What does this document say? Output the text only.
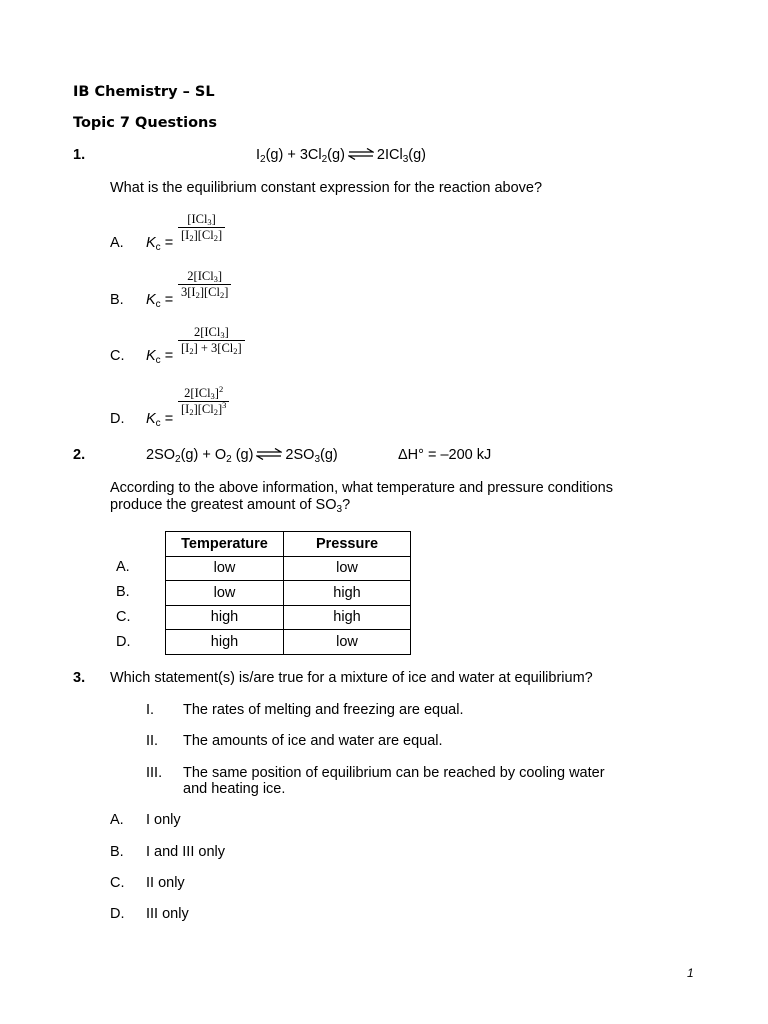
IB Chemistry – SL
Topic 7 Questions
1.	$I_2(g) + 3Cl_2(g)$ ⇌ 2ICl$_3$(g)
What is the equilibrium constant expression for the reaction above?
A. $K_c$ =
[ICl$_3$]
$[I_2][Cl_2]$
B. $K_c$ =
2[ICl$_3$]
$3[I_2][Cl_2]$
C. $K_c$ =
2[ICl$_3$]
$[I_2] + 3[Cl_2]$
D. $K_c$ =
$2[ICl_3]^2$
$[I_2][Cl_2]^3$
2.	$2SO_2(g) + O_2$ (g) ⇌ $2SO_3(g)$	ΔH° = –200 kJ
According to the above information, what temperature and pressure conditions
produce the greatest amount of $SO_3$?
A.
B.
C.
D.
Temperature	Pressure
low	low
low	high
high	high
high	low
3. Which statement(s) is/are true for a mixture of ice and water at equilibrium?
I. The rates of melting and freezing are equal.
II. The amounts of ice and water are equal.
III. The same position of equilibrium can be reached by cooling water
and heating ice.
A. I only
B. I and III only
C. II only
D. III only
1
